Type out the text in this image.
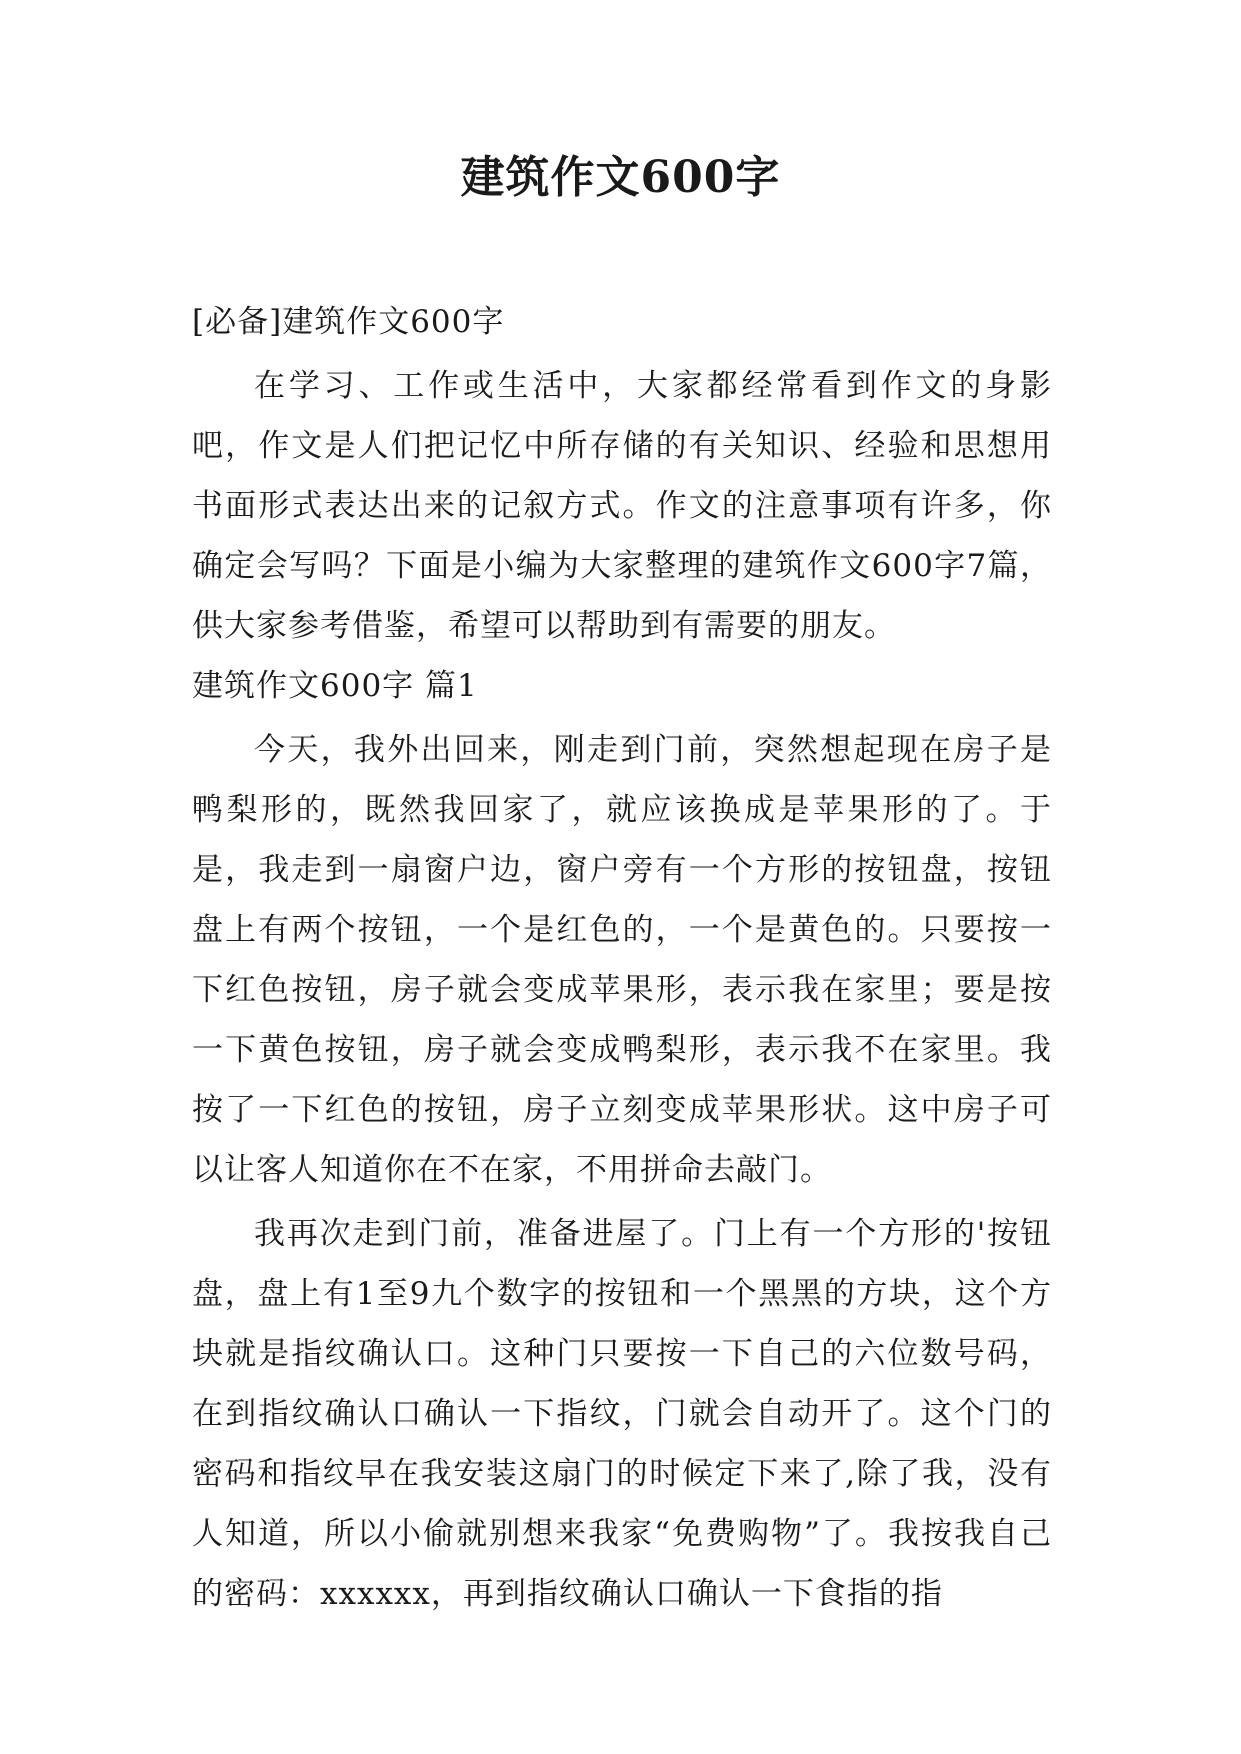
建筑作文600字

[必备]建筑作文600字

在学习、工作或生活中，大家都经常看到作文的身影吧，作文是人们把记忆中所存储的有关知识、经验和思想用书面形式表达出来的记叙方式。作文的注意事项有许多，你确定会写吗？下面是小编为大家整理的建筑作文600字7篇，供大家参考借鉴，希望可以帮助到有需要的朋友。

建筑作文600字 篇1

今天，我外出回来，刚走到门前，突然想起现在房子是鸭梨形的，既然我回家了，就应该换成是苹果形的了。于是，我走到一扇窗户边，窗户旁有一个方形的按钮盘，按钮盘上有两个按钮，一个是红色的，一个是黄色的。只要按一下红色按钮，房子就会变成苹果形，表示我在家里；要是按一下黄色按钮，房子就会变成鸭梨形，表示我不在家里。我按了一下红色的按钮，房子立刻变成苹果形状。这中房子可以让客人知道你在不在家，不用拼命去敲门。

我再次走到门前，准备进屋了。门上有一个方形的'按钮盘，盘上有1至9九个数字的按钮和一个黑黑的方块，这个方块就是指纹确认口。这种门只要按一下自己的六位数号码，在到指纹确认口确认一下指纹，门就会自动开了。这个门的密码和指纹早在我安装这扇门的时候定下来了,除了我，没有人知道，所以小偷就别想来我家“免费购物”了。我按我自己的密码：xxxxxx，再到指纹确认口确认一下食指的指
